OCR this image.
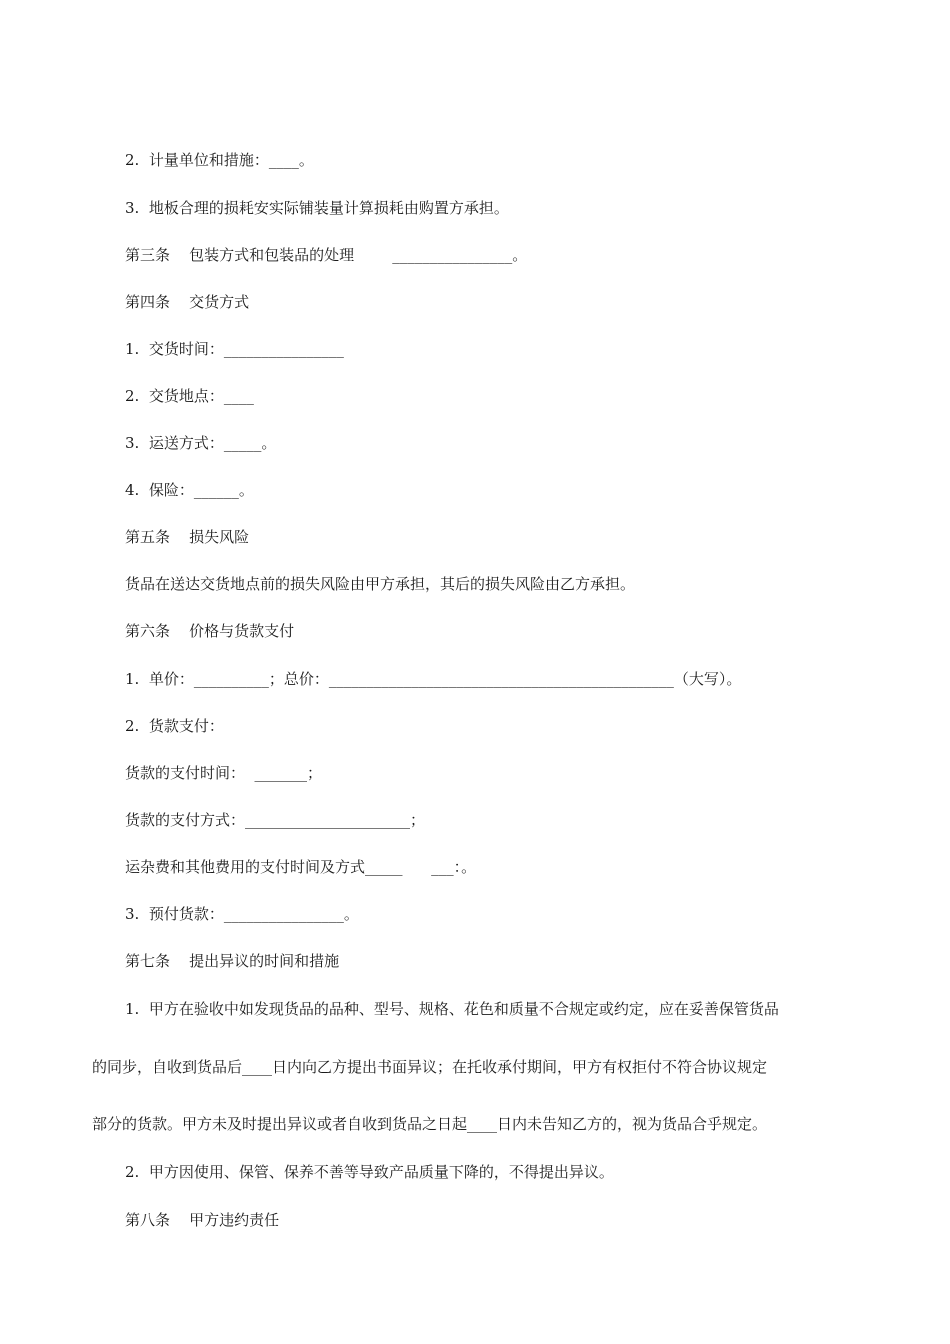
2.  计量单位和措施：____。

3.  地板合理的损耗安实际铺装量计算损耗由购置方承担。

第三条    包装方式和包装品的处理        ________________。

第四条    交货方式

1.  交货时间：________________

2.  交货地点：____

3.  运送方式：_____。

4.  保险：______。

第五条    损失风险

货品在送达交货地点前的损失风险由甲方承担，其后的损失风险由乙方承担。

第六条    价格与货款支付

1.  单价：__________；总价：______________________________________________（大写）。

2.  货款支付：

货款的支付时间：  _______；

货款的支付方式：______________________；

运杂费和其他费用的支付时间及方式_____ ___：。

3.  预付货款：________________。

第七条    提出异议的时间和措施

1.  甲方在验收中如发现货品的品种、型号、规格、花色和质量不合规定或约定，应在妥善保管货品

的同步，自收到货品后____日内向乙方提出书面异议；在托收承付期间，甲方有权拒付不符合协议规定

部分的货款。甲方未及时提出异议或者自收到货品之日起____日内未告知乙方的，视为货品合乎规定。

2.  甲方因使用、保管、保养不善等导致产品质量下降的，不得提出异议。

第八条    甲方违约责任
